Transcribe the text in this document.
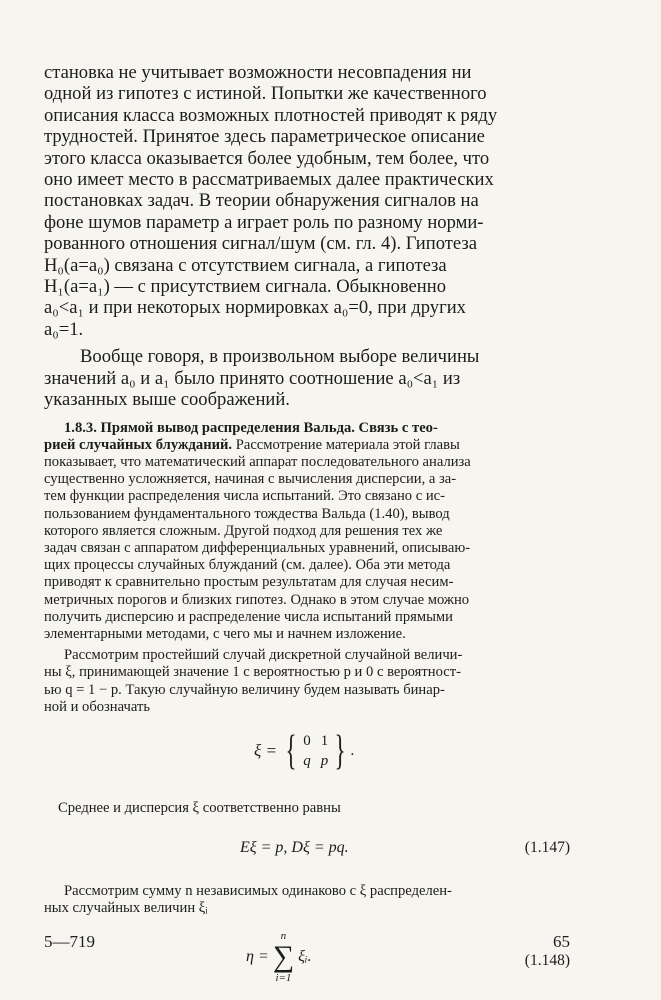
становка не учитывает возможности несовпадения ни
одной из гипотез с истиной. Попытки же качественного
описания класса возможных плотностей приводят к ряду
трудностей. Принятое здесь параметрическое описание
этого класса оказывается более удобным, тем более, что
оно имеет место в рассматриваемых далее практических
постановках задач. В теории обнаружения сигналов на
фоне шумов параметр a играет роль по разному норми-
рованного отношения сигнал/шум (см. гл. 4). Гипотеза
H₀(a=a₀) связана с отсутствием сигнала, а гипотеза
H₁(a=a₁) — с присутствием сигнала. Обыкновенно
a₀<a₁ и при некоторых нормировках a₀=0, при других
a₀=1.
Вообще говоря, в произвольном выборе величины
значений a₀ и a₁ было принято соотношение a₀<a₁ из
указанных выше соображений.
1.8.3. Прямой вывод распределения Вальда. Связь с тео-
рией случайных блужданий. Рассмотрение материала этой главы
показывает, что математический аппарат последовательного анализа
существенно усложняется, начиная с вычисления дисперсии, а за-
тем функции распределения числа испытаний. Это связано с ис-
пользованием фундаментального тождества Вальда (1.40), вывод
которого является сложным. Другой подход для решения тех же
задач связан с аппаратом дифференциальных уравнений, описываю-
щих процессы случайных блужданий (см. далее). Оба эти метода
приводят к сравнительно простым результатам для случая несим-
метричных порогов и близких гипотез. Однако в этом случае можно
получить дисперсию и распределение числа испытаний прямыми
элементарными методами, с чего мы и начнем изложение.
Рассмотрим простейший случай дискретной случайной величи-
ны ξ, принимающей значение 1 с вероятностью p и 0 с вероятност-
ью q = 1 − p. Такую случайную величину будем называть бинар-
ной и обозначать
ξ = { 0 1
q p } .
Среднее и дисперсия ξ соответственно равны
Eξ = p, Dξ = pq.	(1.147)
Рассмотрим сумму n независимых одинаково с ξ распределен-
ных случайных величин ξᵢ
η =
n
∑
i=1
ξᵢ.	(1.148)
5—719	65
